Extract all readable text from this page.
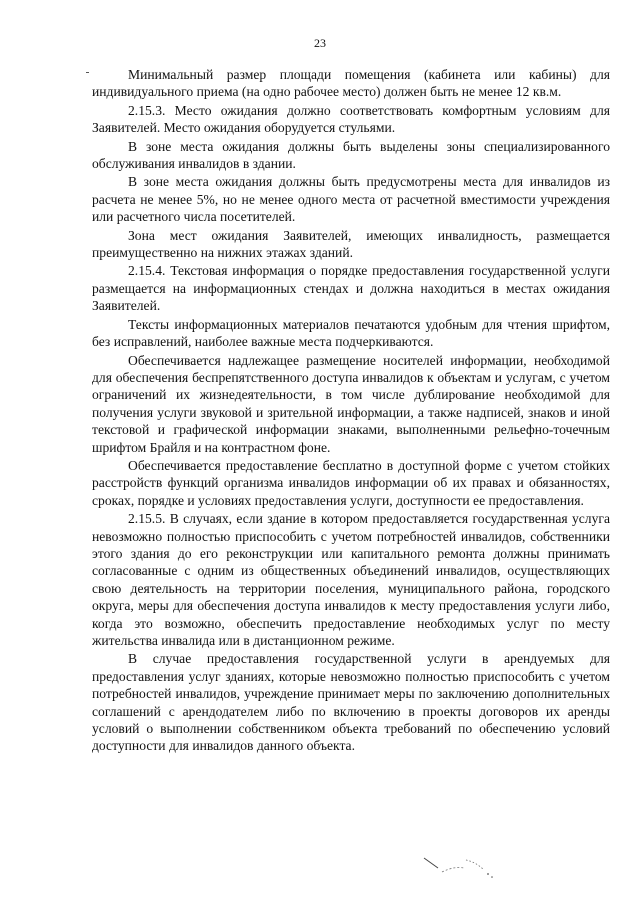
23

Минимальный размер площади помещения (кабинета или кабины) для индивидуального приема (на одно рабочее место) должен быть не менее 12 кв.м.

2.15.3. Место ожидания должно соответствовать комфортным условиям для Заявителей. Место ожидания оборудуется стульями.

В зоне места ожидания должны быть выделены зоны специализированного обслуживания инвалидов в здании.

В зоне места ожидания должны быть предусмотрены места для инвалидов из расчета не менее 5%, но не менее одного места от расчетной вместимости учреждения или расчетного числа посетителей.

Зона мест ожидания Заявителей, имеющих инвалидность, размещается преимущественно на нижних этажах зданий.

2.15.4. Текстовая информация о порядке предоставления государственной услуги размещается на информационных стендах и должна находиться в местах ожидания Заявителей.

Тексты информационных материалов печатаются удобным для чтения шрифтом, без исправлений, наиболее важные места подчеркиваются.

Обеспечивается надлежащее размещение носителей информации, необходимой для обеспечения беспрепятственного доступа инвалидов к объектам и услугам, с учетом ограничений их жизнедеятельности, в том числе дублирование необходимой для получения услуги звуковой и зрительной информации, а также надписей, знаков и иной текстовой и графической информации знаками, выполненными рельефно-точечным шрифтом Брайля и на контрастном фоне.

Обеспечивается предоставление бесплатно в доступной форме с учетом стойких расстройств функций организма инвалидов информации об их правах и обязанностях, сроках, порядке и условиях предоставления услуги, доступности ее предоставления.

2.15.5. В случаях, если здание в котором предоставляется государственная услуга невозможно полностью приспособить с учетом потребностей инвалидов, собственники этого здания до его реконструкции или капитального ремонта должны принимать согласованные с одним из общественных объединений инвалидов, осуществляющих свою деятельность на территории поселения, муниципального района, городского округа, меры для обеспечения доступа инвалидов к месту предоставления услуги либо, когда это возможно, обеспечить предоставление необходимых услуг по месту жительства инвалида или в дистанционном режиме.

В случае предоставления государственной услуги в арендуемых для предоставления услуг зданиях, которые невозможно полностью приспособить с учетом потребностей инвалидов, учреждение принимает меры по заключению дополнительных соглашений с арендодателем либо по включению в проекты договоров их аренды условий о выполнении собственником объекта требований по обеспечению условий доступности для инвалидов данного объекта.
